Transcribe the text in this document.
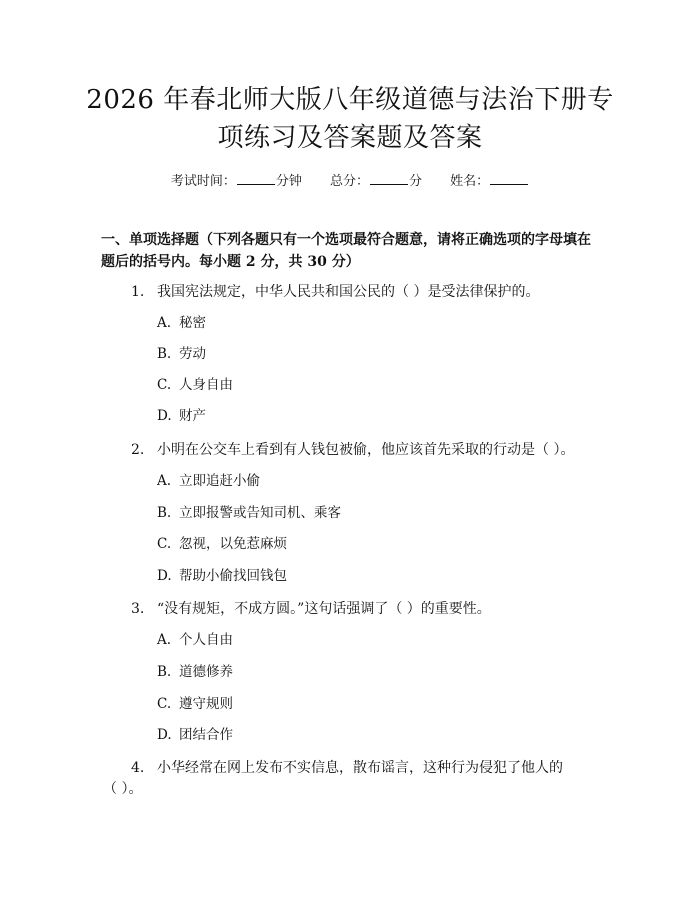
2026 年春北师大版八年级道德与法治下册专
项练习及答案题及答案
考试时间：	分钟 总分：	分 姓名：
一、单项选择题（下列各题只有一个选项最符合题意，请将正确选项的字母填在
题后的括号内。每小题 2 分，共 30 分）
1. 我国宪法规定，中华人民共和国公民的（ ）是受法律保护的。
A. 秘密
B. 劳动
C. 人身自由
D. 财产
2. 小明在公交车上看到有人钱包被偷，他应该首先采取的行动是（ ）。
A. 立即追赶小偷
B. 立即报警或告知司机、乘客
C. 忽视，以免惹麻烦
D. 帮助小偷找回钱包
3. “没有规矩，不成方圆。”这句话强调了（ ）的重要性。
A. 个人自由
B. 道德修养
C. 遵守规则
D. 团结合作
4. 小华经常在网上发布不实信息，散布谣言，这种行为侵犯了他人的
（ ）。
